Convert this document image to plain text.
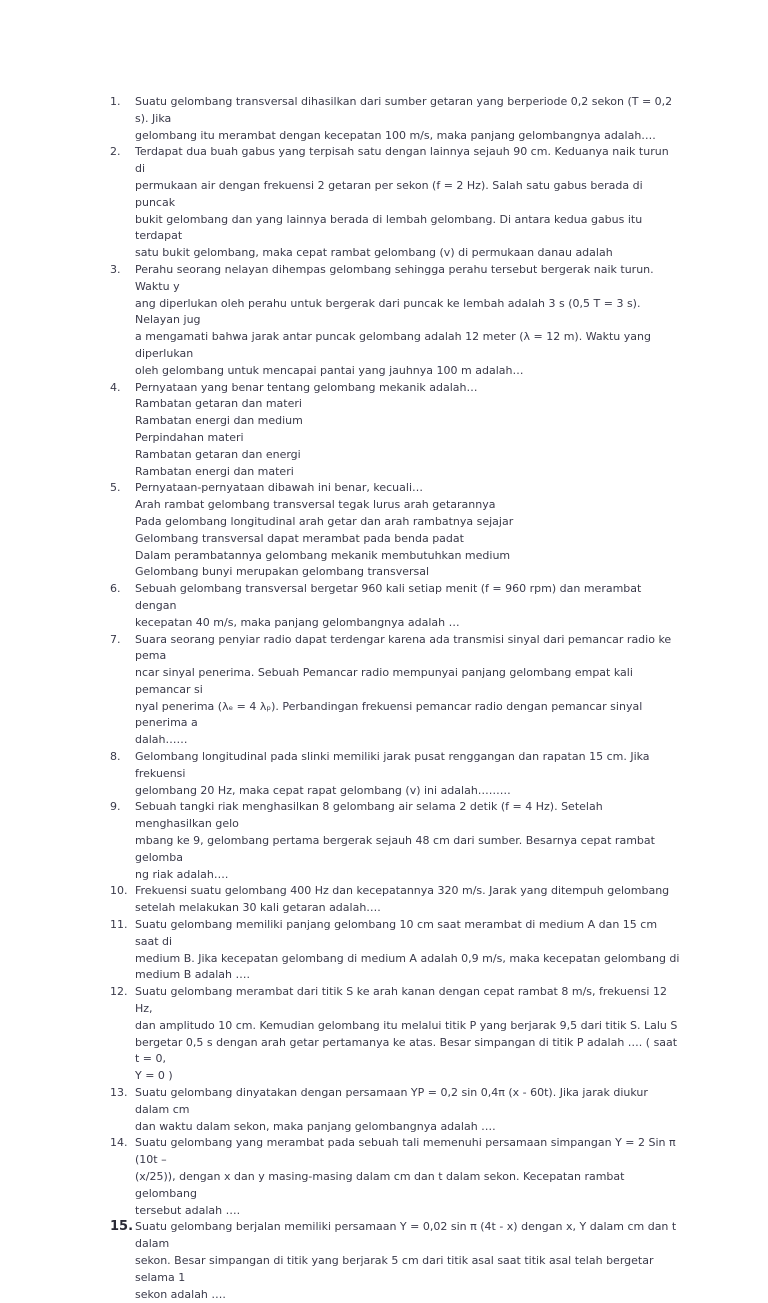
1.	Suatu gelombang transversal dihasilkan dari sumber getaran yang berperiode 0,2 sekon (T = 0,2 s). Jika
gelombang itu merambat dengan kecepatan 100 m/s, maka panjang gelombangnya adalah….
2.	Terdapat dua buah gabus yang terpisah satu dengan lainnya sejauh 90 cm. Keduanya naik turun di
permukaan air dengan frekuensi 2 getaran per sekon (f = 2 Hz). Salah satu gabus berada di puncak
bukit gelombang dan yang lainnya berada di lembah gelombang. Di antara kedua gabus itu terdapat
satu bukit gelombang, maka cepat rambat gelombang (v) di permukaan danau adalah
3.	Perahu seorang nelayan dihempas gelombang sehingga perahu tersebut bergerak naik turun. Waktu y
ang diperlukan oleh perahu untuk bergerak dari puncak ke lembah adalah 3 s (0,5 T = 3 s). Nelayan jug
a mengamati bahwa jarak antar puncak gelombang adalah 12 meter (λ = 12 m). Waktu yang diperlukan
oleh gelombang untuk mencapai pantai yang jauhnya 100 m adalah…
4.	Pernyataan yang benar tentang gelombang mekanik adalah…
Rambatan getaran dan materi
Rambatan energi dan medium
Perpindahan materi
Rambatan getaran dan energi
Rambatan energi dan materi
5.	Pernyataan-pernyataan dibawah ini benar, kecuali…
Arah rambat gelombang transversal tegak lurus arah getarannya
Pada gelombang longitudinal arah getar dan arah rambatnya sejajar
Gelombang transversal dapat merambat pada benda padat
Dalam perambatannya gelombang mekanik membutuhkan medium
Gelombang bunyi merupakan gelombang transversal
6.	Sebuah gelombang transversal bergetar 960 kali setiap menit (f = 960 rpm) dan merambat dengan
kecepatan 40 m/s, maka panjang gelombangnya adalah …
7.	Suara seorang penyiar radio dapat terdengar karena ada transmisi sinyal dari pemancar radio ke pema
ncar sinyal penerima. Sebuah Pemancar radio mempunyai panjang gelombang empat kali pemancar si
nyal penerima (λₑ = 4 λₚ). Perbandingan frekuensi pemancar radio dengan pemancar sinyal penerima a
dalah……
8.	Gelombang longitudinal pada slinki memiliki jarak pusat renggangan dan rapatan 15 cm. Jika frekuensi
gelombang 20 Hz, maka cepat rapat gelombang (v) ini adalah………
9.	Sebuah tangki riak menghasilkan 8 gelombang air selama 2 detik (f = 4 Hz). Setelah menghasilkan gelo
mbang ke 9, gelombang pertama bergerak sejauh 48 cm dari sumber. Besarnya cepat rambat gelomba
ng riak adalah….
10. Frekuensi suatu gelombang 400 Hz dan kecepatannya 320 m/s. Jarak yang ditempuh gelombang
setelah melakukan 30 kali getaran adalah….
11. Suatu gelombang memiliki panjang gelombang 10 cm saat merambat di medium A dan 15 cm saat di
medium B. Jika kecepatan gelombang di medium A adalah 0,9 m/s, maka kecepatan gelombang di
medium B adalah ….
12. Suatu gelombang merambat dari titik S ke arah kanan dengan cepat rambat 8 m/s, frekuensi 12 Hz,
dan amplitudo 10 cm. Kemudian gelombang itu melalui titik P yang berjarak 9,5 dari titik S. Lalu S
bergetar 0,5 s dengan arah getar pertamanya ke atas. Besar simpangan di titik P adalah …. ( saat t = 0,
Y = 0 )
13. Suatu gelombang dinyatakan dengan persamaan YP = 0,2 sin 0,4π (x - 60t). Jika jarak diukur dalam cm
dan waktu dalam sekon, maka panjang gelombangnya adalah ….
14. Suatu gelombang yang merambat pada sebuah tali memenuhi persamaan simpangan Y = 2 Sin π (10t –
(x/25)), dengan x dan y masing-masing dalam cm dan t dalam sekon. Kecepatan rambat gelombang
tersebut adalah ….
15. Suatu gelombang berjalan memiliki persamaan Y = 0,02 sin π (4t - x) dengan x, Y dalam cm dan t dalam
sekon. Besar simpangan di titik yang berjarak 5 cm dari titik asal saat titik asal telah bergetar selama 1
sekon adalah ….
